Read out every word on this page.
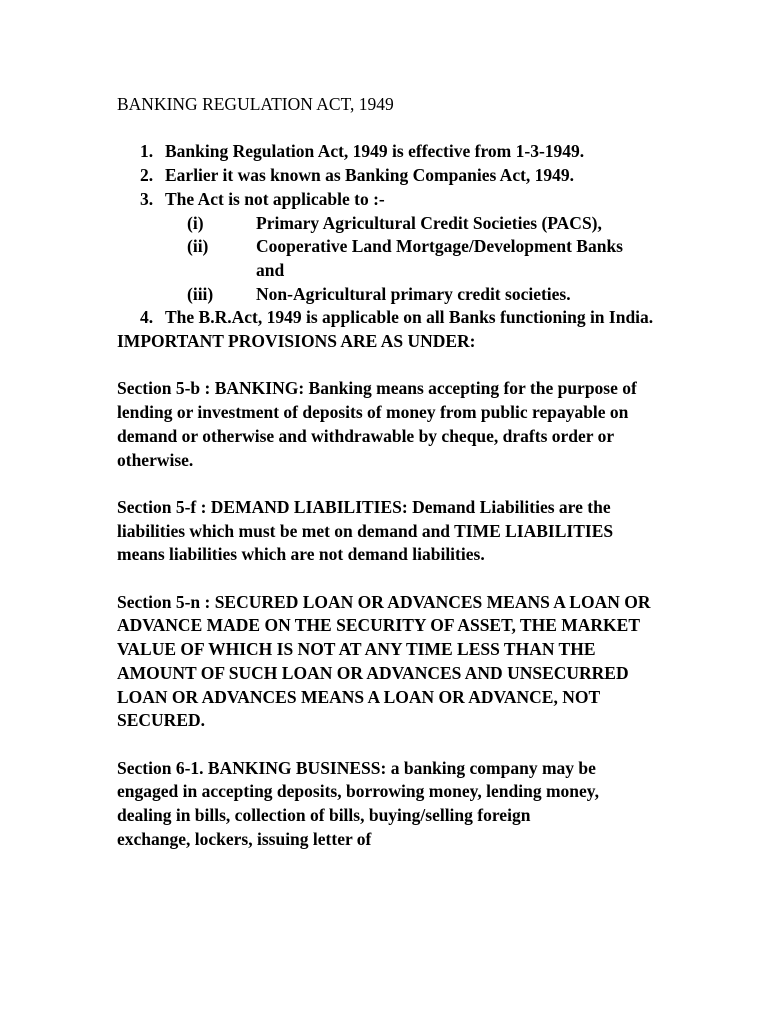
BANKING REGULATION ACT, 1949

1. Banking Regulation Act, 1949 is effective from 1-3-1949.
2. Earlier it was known as Banking Companies Act, 1949.
3. The Act is not applicable to :-
(i)	Primary Agricultural Credit Societies (PACS),
(ii)	Cooperative Land Mortgage/Development Banks and
(iii) Non-Agricultural primary credit societies.
4. The B.R.Act, 1949 is applicable on all Banks functioning in India.

IMPORTANT PROVISIONS ARE AS UNDER:

Section 5-b : BANKING: Banking means accepting for the purpose of lending or investment of deposits of money from public repayable on demand or otherwise and withdrawable by cheque, drafts order or otherwise.

Section 5-f : DEMAND LIABILITIES: Demand Liabilities are the liabilities which must be met on demand and TIME LIABILITIES means liabilities which are not demand liabilities.

Section 5-n : SECURED LOAN OR ADVANCES MEANS A LOAN OR ADVANCE MADE ON THE SECURITY OF ASSET, THE MARKET VALUE OF WHICH IS NOT AT ANY TIME LESS THAN THE AMOUNT OF SUCH LOAN OR ADVANCES AND UNSECURRED LOAN OR ADVANCES MEANS A LOAN OR ADVANCE, NOT SECURED.

Section 6-1. BANKING BUSINESS: a banking company may be engaged in accepting deposits, borrowing money, lending money, dealing in bills, collection of bills, buying/selling foreign exchange, lockers, issuing letter of
